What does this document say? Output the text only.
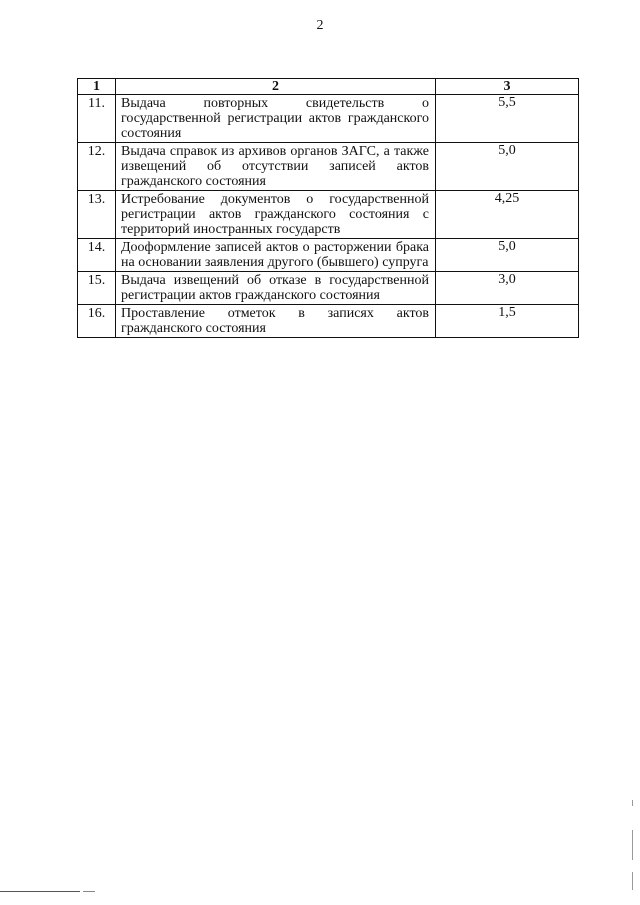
2
1	2	3
11.	Выдача повторных свидетельств о государственной регистрации актов гражданского состояния	5,5
12.	Выдача справок из архивов органов ЗАГС, а также извещений об отсутствии записей актов гражданского состояния	5,0
13.	Истребование документов о государственной регистрации актов гражданского состояния с территорий иностранных государств	4,25
14.	Дооформление записей актов о расторжении брака на основании заявления другого (бывшего) супруга	5,0
15.	Выдача извещений об отказе в государственной регистрации актов гражданского состояния	3,0
16.	Проставление отметок в записях актов гражданского состояния	1,5
